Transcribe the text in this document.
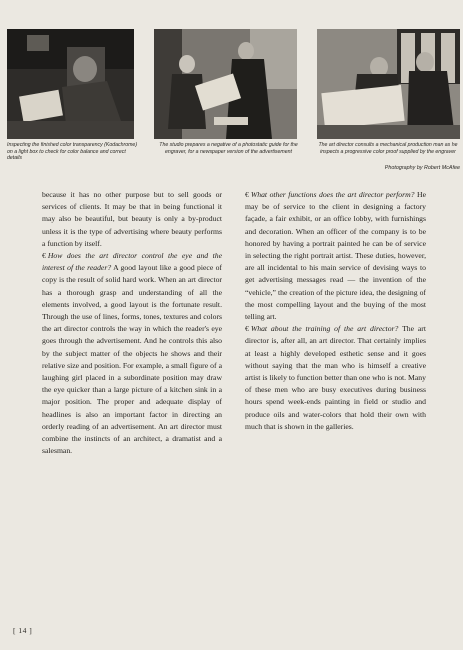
Inspecting the finished color transparency (Kodachrome) on a light box to check for color balance and correct details
The studio prepares a negative of a photostatic guide for the engraver, for a newspaper version of the advertisement
The art director consults a mechanical production man as he inspects a progressive color proof supplied by the engraver
Photography by Robert McAfee

because it has no other purpose but to sell goods or services of clients. It may be that in being functional it may also be beautiful, but beauty is only a by-product unless it is the type of advertising where beauty performs a function by itself.

€ How does the art director control the eye and the interest of the reader? A good layout like a good piece of copy is the result of solid hard work. When an art director has a thorough grasp and understanding of all the elements involved, a good layout is the fortunate result. Through the use of lines, forms, tones, textures and colors the art director controls the way in which the reader's eye goes through the advertisement. And he controls this also by the subject matter of the objects he shows and their relative size and position. For example, a small figure of a laughing girl placed in a subordinate position may draw the eye quicker than a large picture of a kitchen sink in a major position. The proper and adequate display of headlines is also an important factor in directing an orderly reading of an advertisement. An art director must combine the instincts of an architect, a dramatist and a salesman.

€ What other functions does the art director perform? He may be of service to the client in designing a factory façade, a fair exhibit, or an office lobby, with furnishings and decoration. When an officer of the company is to be honored by having a portrait painted he can be of service in selecting the right portrait artist. These duties, however, are all incidental to his main service of devising ways to get advertising messages read — the invention of the “vehicle,” the creation of the picture idea, the designing of the most compelling layout and the buying of the most telling art.

€ What about the training of the art director? The art director is, after all, an art director. That certainly implies at least a highly developed esthetic sense and it goes without saying that the man who is himself a creative artist is likely to function better than one who is not. Many of these men who are busy executives during business hours spend week-ends painting in field or studio and produce oils and water-colors that hold their own with much that is shown in the galleries.

[ 14 ]
